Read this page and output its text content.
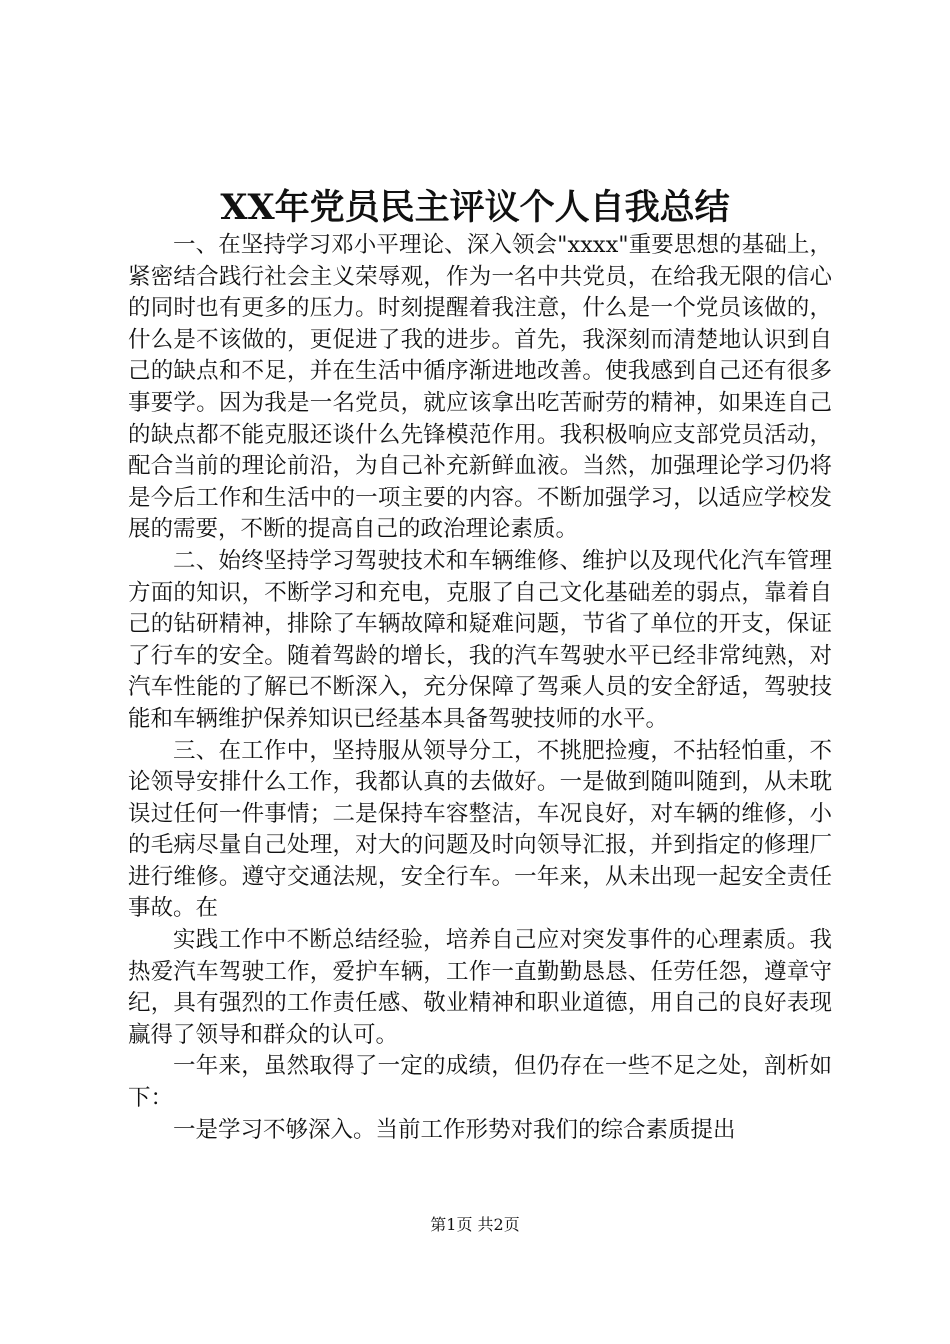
XX年党员民主评议个人自我总结

一、在坚持学习邓小平理论、深入领会"xxxx"重要思想的基础上，紧密结合践行社会主义荣辱观，作为一名中共党员，在给我无限的信心的同时也有更多的压力。时刻提醒着我注意，什么是一个党员该做的，什么是不该做的，更促进了我的进步。首先，我深刻而清楚地认识到自己的缺点和不足，并在生活中循序渐进地改善。使我感到自己还有很多事要学。因为我是一名党员，就应该拿出吃苦耐劳的精神，如果连自己的缺点都不能克服还谈什么先锋模范作用。我积极响应支部党员活动，配合当前的理论前沿，为自己补充新鲜血液。当然，加强理论学习仍将是今后工作和生活中的一项主要的内容。不断加强学习，以适应学校发展的需要，不断的提高自己的政治理论素质。

二、始终坚持学习驾驶技术和车辆维修、维护以及现代化汽车管理方面的知识，不断学习和充电，克服了自己文化基础差的弱点，靠着自己的钻研精神，排除了车辆故障和疑难问题，节省了单位的开支，保证了行车的安全。随着驾龄的增长，我的汽车驾驶水平已经非常纯熟，对汽车性能的了解已不断深入，充分保障了驾乘人员的安全舒适，驾驶技能和车辆维护保养知识已经基本具备驾驶技师的水平。

三、在工作中，坚持服从领导分工，不挑肥捡瘦，不拈轻怕重，不论领导安排什么工作，我都认真的去做好。一是做到随叫随到，从未耽误过任何一件事情；二是保持车容整洁，车况良好，对车辆的维修，小的毛病尽量自己处理，对大的问题及时向领导汇报，并到指定的修理厂进行维修。遵守交通法规，安全行车。一年来，从未出现一起安全责任事故。在

实践工作中不断总结经验，培养自己应对突发事件的心理素质。我热爱汽车驾驶工作，爱护车辆，工作一直勤勤恳恳、任劳任怨，遵章守纪，具有强烈的工作责任感、敬业精神和职业道德，用自己的良好表现赢得了领导和群众的认可。

一年来，虽然取得了一定的成绩，但仍存在一些不足之处，剖析如下：

一是学习不够深入。当前工作形势对我们的综合素质提出

第1页 共2页
